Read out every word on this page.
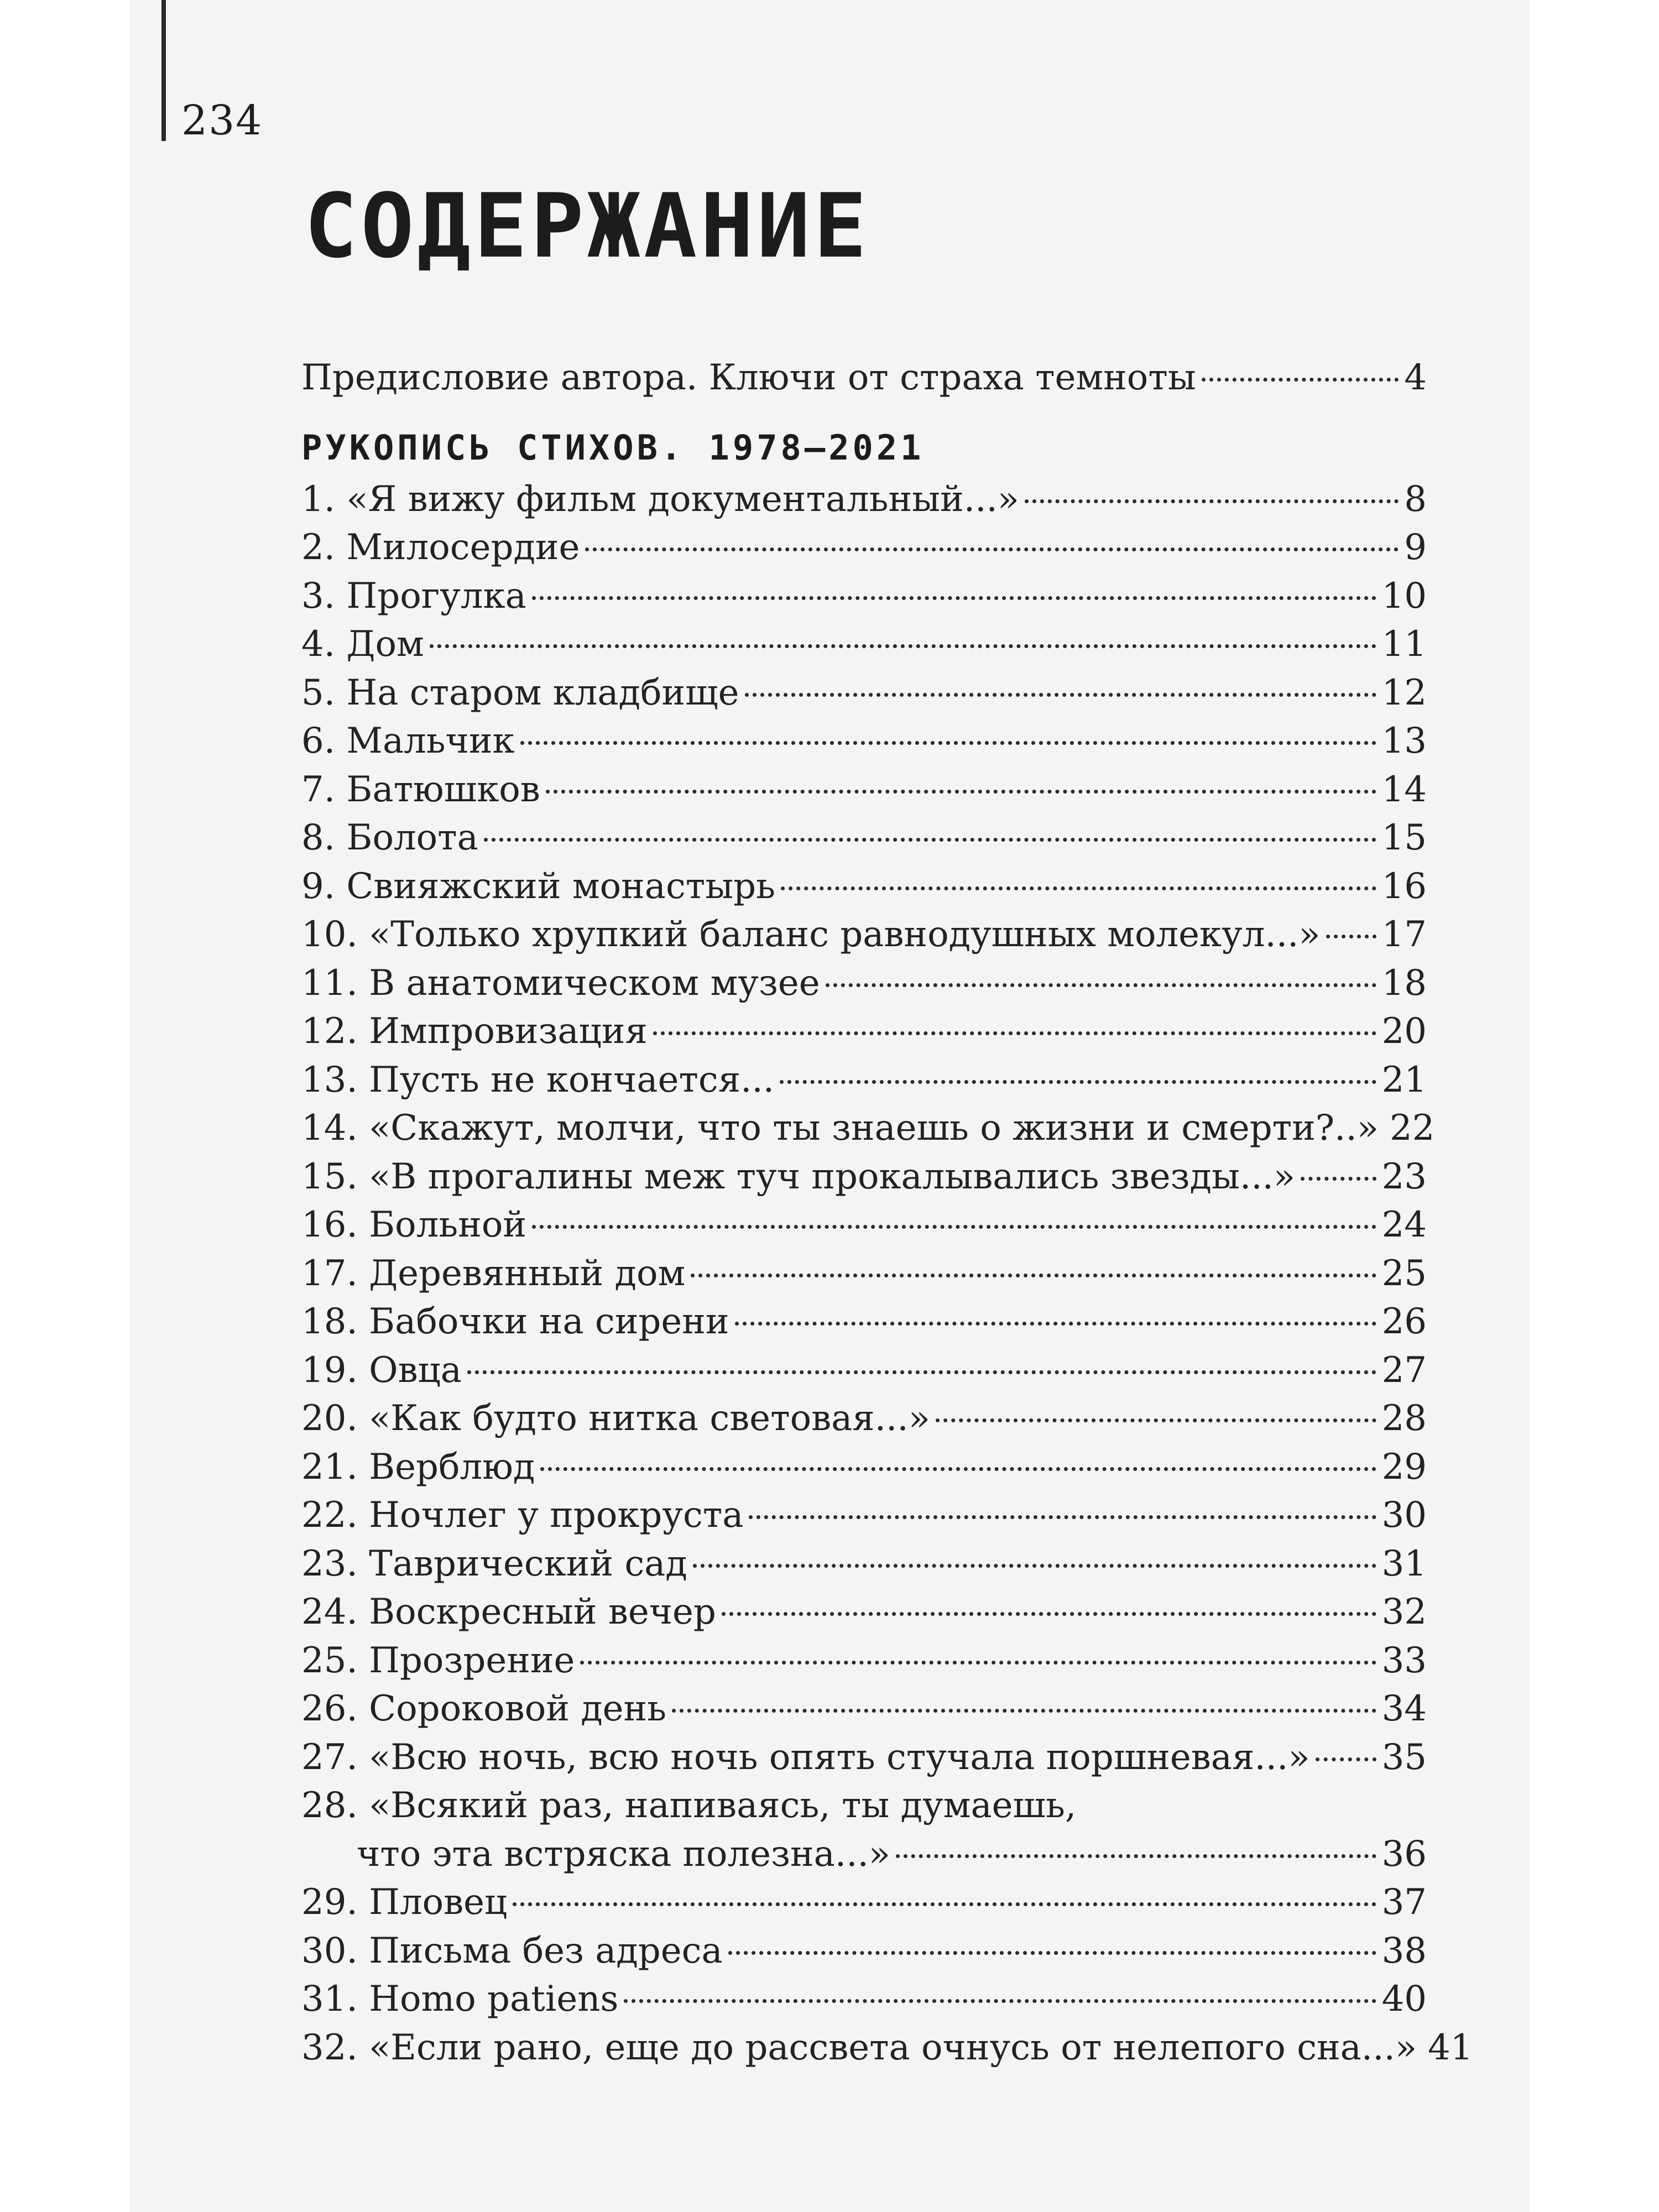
234
СОДЕРЖАНИЕ
Предисловие автора. Ключи от страха темноты	4
РУКОПИСЬ СТИХОВ. 1978–2021
1. «Я вижу фильм документальный...»	8
2. Милосердие	9
3. Прогулка	10
4. Дом	11
5. На старом кладбище	12
6. Мальчик	13
7. Батюшков	14
8. Болота	15
9. Свияжский монастырь	16
10. «Только хрупкий баланс равнодушных молекул...» 17
11. В анатомическом музее	18
12. Импровизация	20
13. Пусть не кончается...	21
14. «Скажут, молчи, что ты знаешь о жизни и смерти?..» 22
15. «В прогалины меж туч прокалывались звезды...» 23
16. Больной	24
17. Деревянный дом	25
18. Бабочки на сирени	26
19. Овца	27
20. «Как будто нитка световая...»	28
21. Верблюд	29
22. Ночлег у прокруста	30
23. Таврический сад	31
24. Воскресный вечер	32
25. Прозрение	33
26. Сороковой день	34
27. «Всю ночь, всю ночь опять стучала поршневая...» 35
28. «Всякий раз, напиваясь, ты думаешь,
что эта встряска полезна...»	36
29. Пловец	37
30. Письма без адреса	38
31. Homo patiens	40
32. «Если рано, еще до рассвета очнусь от нелепого сна...» 41
